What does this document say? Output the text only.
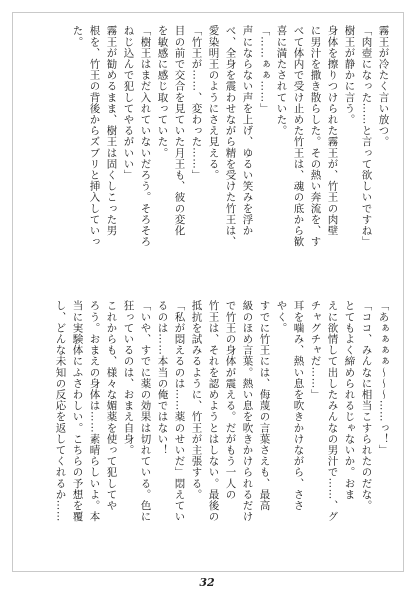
霧王が冷たく言い放つ。
「肉壺になった……と言って欲しいですね」
樹王が静かに言う。
身体を擦りつけられた霧王が、竹王の肉壁
に男汁を撒き散らした。その熱い奔流を、す
べて体内で受け止めた竹王は、魂の底から歓
喜に満たされていた。
「……ぁぁ……」
声にならない声を上げ、ゆるい笑みを浮か
べ、全身を震わせながら精を受けた竹王は、
愛染明王のようにさえ見える。
「竹王が……、変わった……」
目の前で交合を見ていた月王も、彼の変化
を敏感に感じ取っていた。
「樹王はまだ入れていないだろう。そろそろ
ねじ込んで犯してやるがいい」
霧王が勧めるまま、樹王は固くしこった男
根を、竹王の背後からズブリと挿入していっ
た。
「あぁぁぁぁ〜〜〜……っ！」
「ココ、みんなに相当こすられたのだな。
とてもよく締められるじゃないか。おま
えに欲情して出したみんなの男汁で……、グ
チャグチャだ……」
耳を噛み、熱い息を吹きかけながら、ささ
やく。
すでに竹王には、侮蔑の言葉さえも、最高
級のほめ言葉。熱い息を吹きかけられるだけ
で竹王の身体が震える。だがもう一人の
竹王は、それを認めようとはしない。最後の
抵抗を試みるように、竹王が主張する。
「私が悶えるのは……薬のせいだ」悶えてい
るのは……本当の俺ではない！
「いや、すでに薬の効果は切れている。色に
狂っているのは、おまえ自身。
これからも、様々な媚薬を使って犯してや
ろう。おまえの身体は……素晴らしいよ。本
当に実験体にふさわしい。こちらの予想を覆
し、どんな未知の反応を返してくれるか……
32
